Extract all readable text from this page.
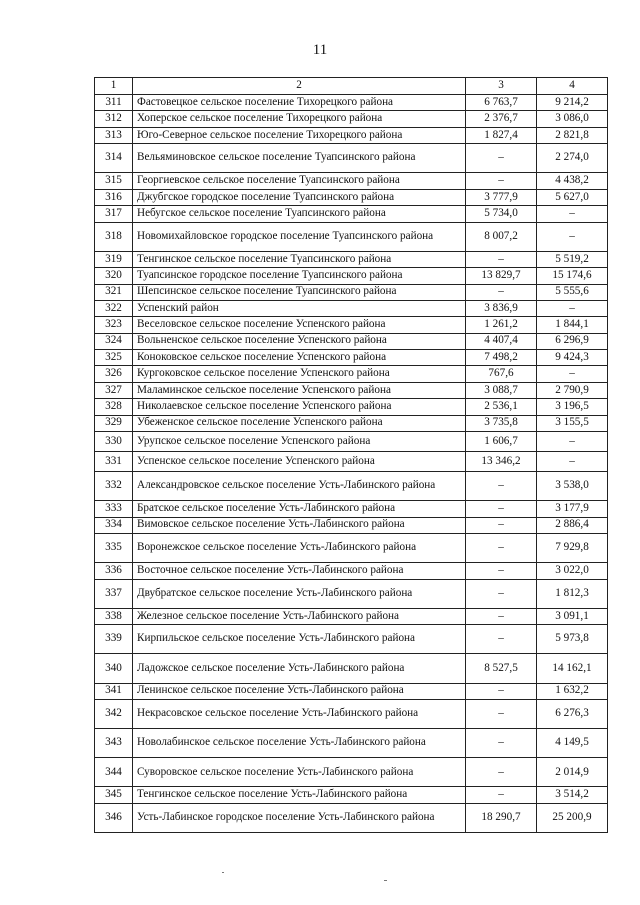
11
1	2	3	4
311	Фастовецкое сельское поселение Тихорецкого района	6 763,7	9 214,2
312	Хоперское сельское поселение Тихорецкого района	2 376,7	3 086,0
313	Юго-Северное сельское поселение Тихорецкого района	1 827,4	2 821,8
314	Вельяминовское сельское поселение Туапсинского района	–	2 274,0
315	Георгиевское сельское поселение Туапсинского района	–	4 438,2
316	Джубгское городское поселение Туапсинского района	3 777,9	5 627,0
317	Небугское сельское поселение Туапсинского района	5 734,0	–
318	Новомихайловское городское поселение Туапсинского района	8 007,2	–
319	Тенгинское сельское поселение Туапсинского района	–	5 519,2
320	Туапсинское городское поселение Туапсинского района	13 829,7	15 174,6
321	Шепсинское сельское поселение Туапсинского района	–	5 555,6
322	Успенский район	3 836,9	–
323	Веселовское сельское поселение Успенского района	1 261,2	1 844,1
324	Вольненское сельское поселение Успенского района	4 407,4	6 296,9
325	Коноковское сельское поселение Успенского района	7 498,2	9 424,3
326	Кургоковское сельское поселение Успенского района	767,6	–
327	Маламинское сельское поселение Успенского района	3 088,7	2 790,9
328	Николаевское сельское поселение Успенского района	2 536,1	3 196,5
329	Убеженское сельское поселение Успенского района	3 735,8	3 155,5
330	Урупское сельское поселение Успенского района	1 606,7	–
331	Успенское сельское поселение Успенского района	13 346,2	–
332	Александровское сельское поселение Усть-Лабинского района	–	3 538,0
333	Братское сельское поселение Усть-Лабинского района	–	3 177,9
334	Вимовское сельское поселение Усть-Лабинского района	–	2 886,4
335	Воронежское сельское поселение Усть-Лабинского района	–	7 929,8
336	Восточное сельское поселение Усть-Лабинского района	–	3 022,0
337	Двубратское сельское поселение Усть-Лабинского района	–	1 812,3
338	Железное сельское поселение Усть-Лабинского района	–	3 091,1
339	Кирпильское сельское поселение Усть-Лабинского района	–	5 973,8
340	Ладожское сельское поселение Усть-Лабинского района	8 527,5	14 162,1
341	Ленинское сельское поселение Усть-Лабинского района	–	1 632,2
342	Некрасовское сельское поселение Усть-Лабинского района	–	6 276,3
343	Новолабинское сельское поселение Усть-Лабинского района	–	4 149,5
344	Суворовское сельское поселение Усть-Лабинского района	–	2 014,9
345	Тенгинское сельское поселение Усть-Лабинского района	–	3 514,2
346	Усть-Лабинское городское поселение Усть-Лабинского района	18 290,7	25 200,9
